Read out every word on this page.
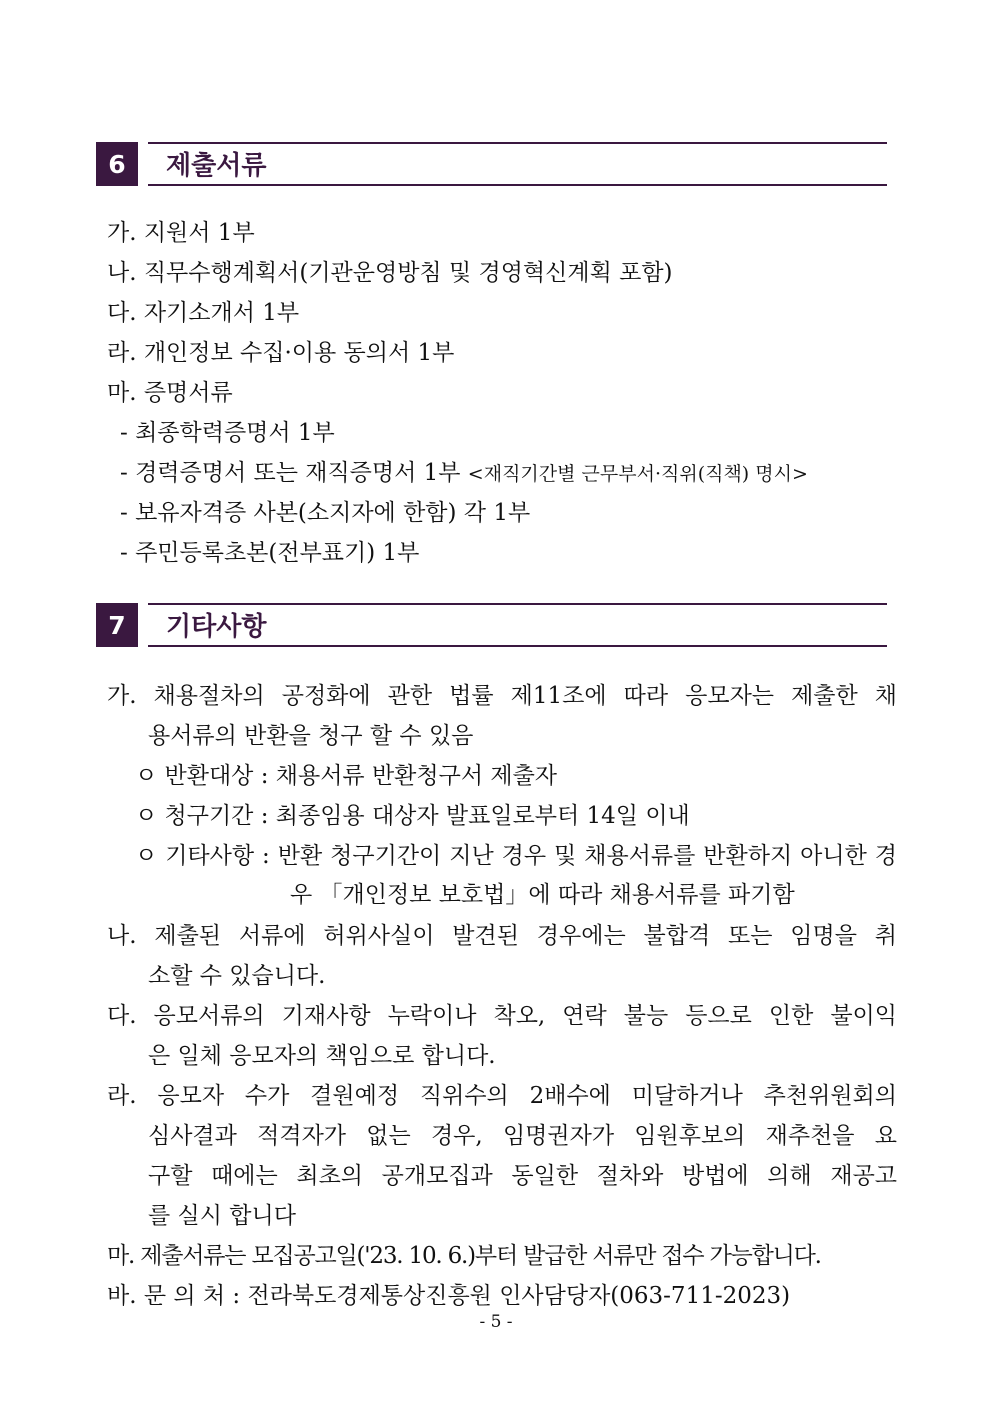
6	제출서류
가. 지원서 1부
나. 직무수행계획서(기관운영방침 및 경영혁신계획 포함)
다. 자기소개서 1부
라. 개인정보 수집·이용 동의서 1부
마. 증명서류
- 최종학력증명서 1부
- 경력증명서 또는 재직증명서 1부 <재직기간별 근무부서·직위(직책) 명시>
- 보유자격증 사본(소지자에 한함) 각 1부
- 주민등록초본(전부표기) 1부
7	기타사항
가. 채용절차의 공정화에 관한 법률 제11조에 따라 응모자는 제출한 채
용서류의 반환을 청구 할 수 있음
ㅇ 반환대상 : 채용서류 반환청구서 제출자
ㅇ 청구기간 : 최종임용 대상자 발표일로부터 14일 이내
ㅇ 기타사항 : 반환 청구기간이 지난 경우 및 채용서류를 반환하지 아니한 경
우 「개인정보 보호법」에 따라 채용서류를 파기함
나. 제출된 서류에 허위사실이 발견된 경우에는 불합격 또는 임명을 취
소할 수 있습니다.
다. 응모서류의 기재사항 누락이나 착오, 연락 불능 등으로 인한 불이익
은 일체 응모자의 책임으로 합니다.
라. 응모자 수가 결원예정 직위수의 2배수에 미달하거나 추천위원회의
심사결과 적격자가 없는 경우, 임명권자가 임원후보의 재추천을 요
구할 때에는 최초의 공개모집과 동일한 절차와 방법에 의해 재공고
를 실시 합니다
마. 제출서류는 모집공고일('23. 10. 6.)부터 발급한 서류만 접수 가능합니다.
바. 문 의 처 : 전라북도경제통상진흥원 인사담당자(063-711-2023)
- 5 -
